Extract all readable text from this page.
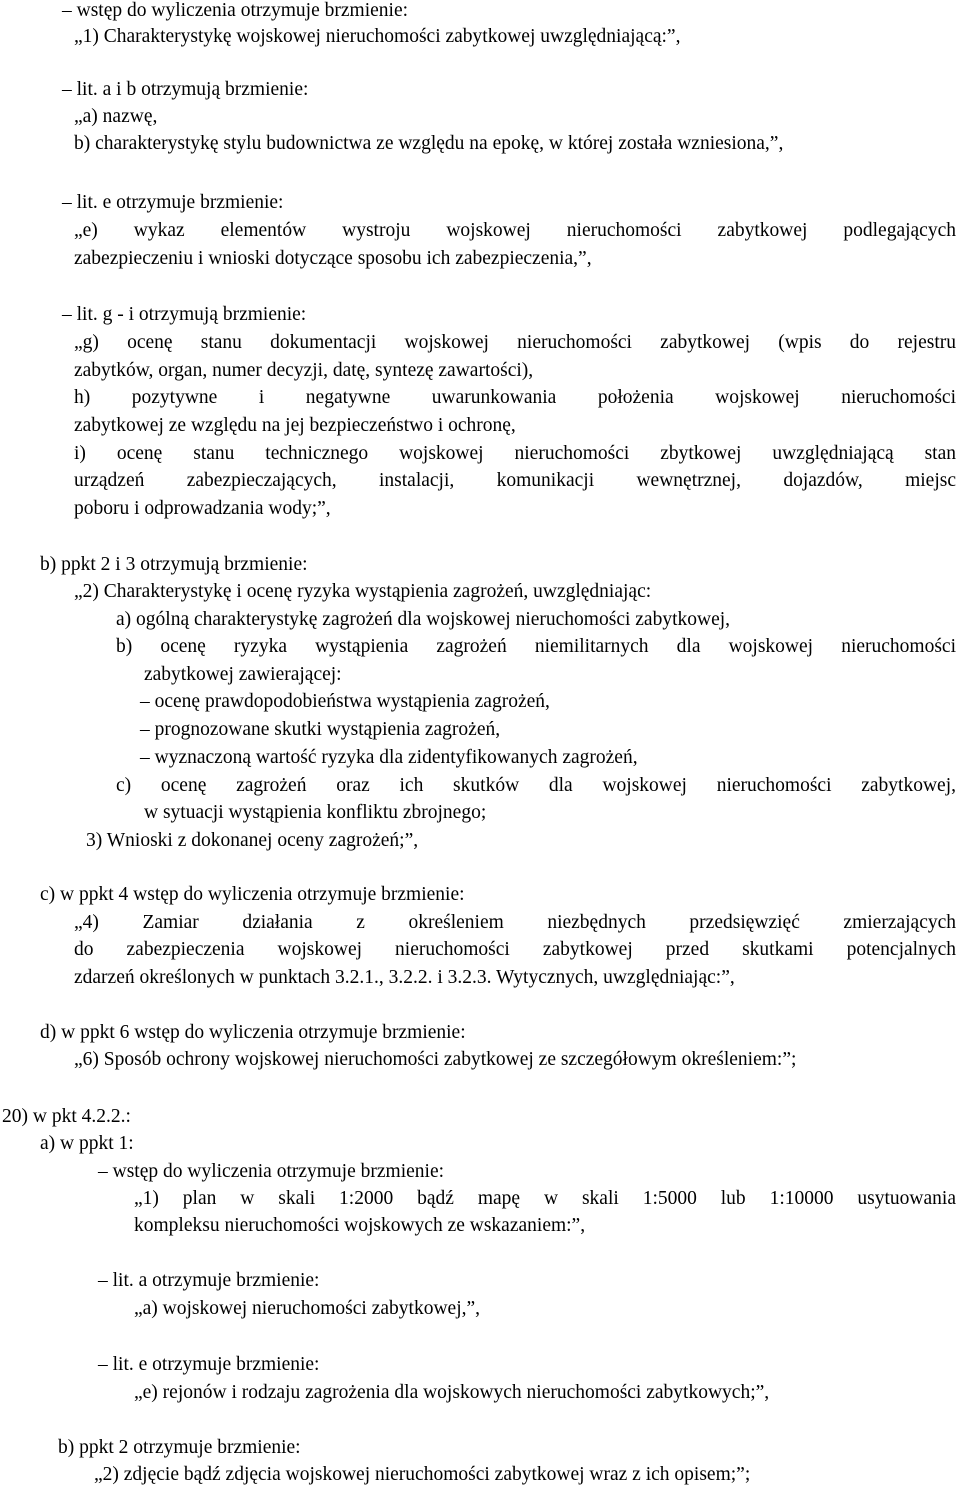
– wstęp do wyliczenia otrzymuje brzmienie:
„1) Charakterystykę wojskowej nieruchomości zabytkowej uwzględniającą:”,
– lit. a i b otrzymują brzmienie:
„a) nazwę,
b) charakterystykę stylu budownictwa ze względu na epokę, w której została wzniesiona,”,
– lit. e otrzymuje brzmienie:
„e) wykaz elementów wystroju wojskowej nieruchomości zabytkowej podlegających
zabezpieczeniu i wnioski dotyczące sposobu ich zabezpieczenia,”,
– lit. g - i otrzymują brzmienie:
„g) ocenę stanu dokumentacji wojskowej nieruchomości zabytkowej (wpis do rejestru
zabytków, organ, numer decyzji, datę, syntezę zawartości),
h) pozytywne i negatywne uwarunkowania położenia wojskowej nieruchomości
zabytkowej ze względu na jej bezpieczeństwo i ochronę,
i) ocenę stanu technicznego wojskowej nieruchomości zbytkowej uwzględniającą stan
urządzeń zabezpieczających, instalacji, komunikacji wewnętrznej, dojazdów, miejsc
poboru i odprowadzania wody;”,
b) ppkt 2 i 3 otrzymują brzmienie:
„2) Charakterystykę i ocenę ryzyka wystąpienia zagrożeń, uwzględniając:
a) ogólną charakterystykę zagrożeń dla wojskowej nieruchomości zabytkowej,
b) ocenę ryzyka wystąpienia zagrożeń niemilitarnych dla wojskowej nieruchomości
zabytkowej zawierającej:
– ocenę prawdopodobieństwa wystąpienia zagrożeń,
– prognozowane skutki wystąpienia zagrożeń,
– wyznaczoną wartość ryzyka dla zidentyfikowanych zagrożeń,
c) ocenę zagrożeń oraz ich skutków dla wojskowej nieruchomości zabytkowej,
w sytuacji wystąpienia konfliktu zbrojnego;
3) Wnioski z dokonanej oceny zagrożeń;”,
c) w ppkt 4 wstęp do wyliczenia otrzymuje brzmienie:
„4) Zamiar działania z określeniem niezbędnych przedsięwzięć zmierzających
do zabezpieczenia wojskowej nieruchomości zabytkowej przed skutkami potencjalnych
zdarzeń określonych w punktach 3.2.1., 3.2.2. i 3.2.3. Wytycznych, uwzględniając:”,
d) w ppkt 6 wstęp do wyliczenia otrzymuje brzmienie:
„6) Sposób ochrony wojskowej nieruchomości zabytkowej ze szczegółowym określeniem:”;
20) w pkt 4.2.2.:
a) w ppkt 1:
– wstęp do wyliczenia otrzymuje brzmienie:
„1) plan w skali 1:2000 bądź mapę w skali 1:5000 lub 1:10000 usytuowania
kompleksu nieruchomości wojskowych ze wskazaniem:”,
– lit. a otrzymuje brzmienie:
„a) wojskowej nieruchomości zabytkowej,”,
– lit. e otrzymuje brzmienie:
„e) rejonów i rodzaju zagrożenia dla wojskowych nieruchomości zabytkowych;”,
b) ppkt 2 otrzymuje brzmienie:
„2) zdjęcie bądź zdjęcia wojskowej nieruchomości zabytkowej wraz z ich opisem;”;
